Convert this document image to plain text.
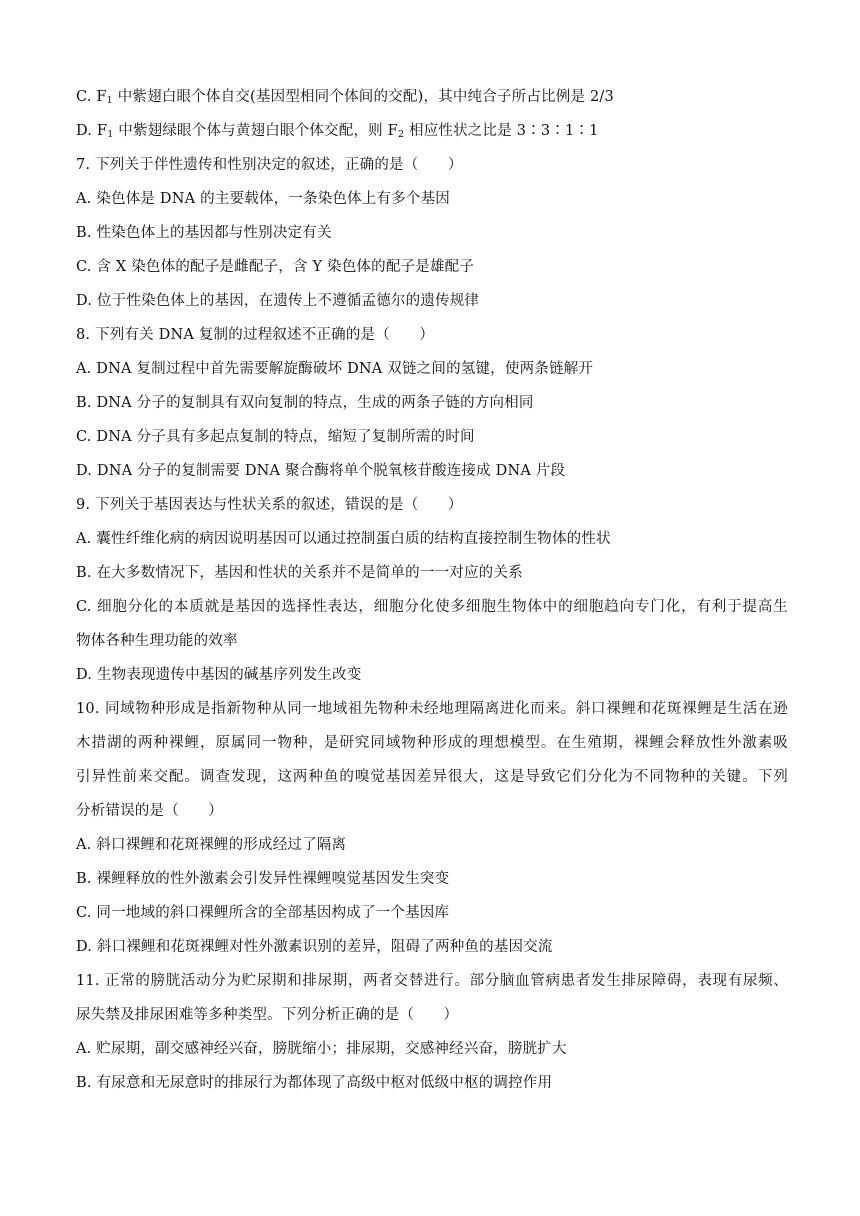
C. $F_1$ 中紫翅白眼个体自交(基因型相同个体间的交配)，其中纯合子所占比例是 2/3
D. $F_1$ 中紫翅绿眼个体与黄翅白眼个体交配，则 $F_2$ 相应性状之比是 3∶3∶1∶1
7. 下列关于伴性遗传和性别决定的叙述，正确的是（　　）
A. 染色体是 DNA 的主要载体，一条染色体上有多个基因
B. 性染色体上的基因都与性别决定有关
C. 含 X 染色体的配子是雌配子，含 Y 染色体的配子是雄配子
D. 位于性染色体上的基因，在遗传上不遵循孟德尔的遗传规律
8. 下列有关 DNA 复制的过程叙述不正确的是（　　）
A. DNA 复制过程中首先需要解旋酶破坏 DNA 双链之间的氢键，使两条链解开
B. DNA 分子的复制具有双向复制的特点，生成的两条子链的方向相同
C. DNA 分子具有多起点复制的特点，缩短了复制所需的时间
D. DNA 分子的复制需要 DNA 聚合酶将单个脱氧核苷酸连接成 DNA 片段
9. 下列关于基因表达与性状关系的叙述，错误的是（　　）
A. 囊性纤维化病的病因说明基因可以通过控制蛋白质的结构直接控制生物体的性状
B. 在大多数情况下，基因和性状的关系并不是简单的一一对应的关系
C. 细胞分化的本质就是基因的选择性表达，细胞分化使多细胞生物体中的细胞趋向专门化，有利于提高生
物体各种生理功能的效率
D. 生物表现遗传中基因的碱基序列发生改变
10. 同域物种形成是指新物种从同一地域祖先物种未经地理隔离进化而来。斜口裸鲤和花斑裸鲤是生活在逊
木措湖的两种裸鲤，原属同一物种，是研究同域物种形成的理想模型。在生殖期，裸鲤会释放性外激素吸
引异性前来交配。调查发现，这两种鱼的嗅觉基因差异很大，这是导致它们分化为不同物种的关键。下列
分析错误的是（　　）
A. 斜口裸鲤和花斑裸鲤的形成经过了隔离
B. 裸鲤释放的性外激素会引发异性裸鲤嗅觉基因发生突变
C. 同一地域的斜口裸鲤所含的全部基因构成了一个基因库
D. 斜口裸鲤和花斑裸鲤对性外激素识别的差异，阻碍了两种鱼的基因交流
11. 正常的膀胱活动分为贮尿期和排尿期，两者交替进行。部分脑血管病患者发生排尿障碍，表现有尿频、
尿失禁及排尿困难等多种类型。下列分析正确的是（　　）
A. 贮尿期，副交感神经兴奋，膀胱缩小；排尿期，交感神经兴奋，膀胱扩大
B. 有尿意和无尿意时的排尿行为都体现了高级中枢对低级中枢的调控作用
